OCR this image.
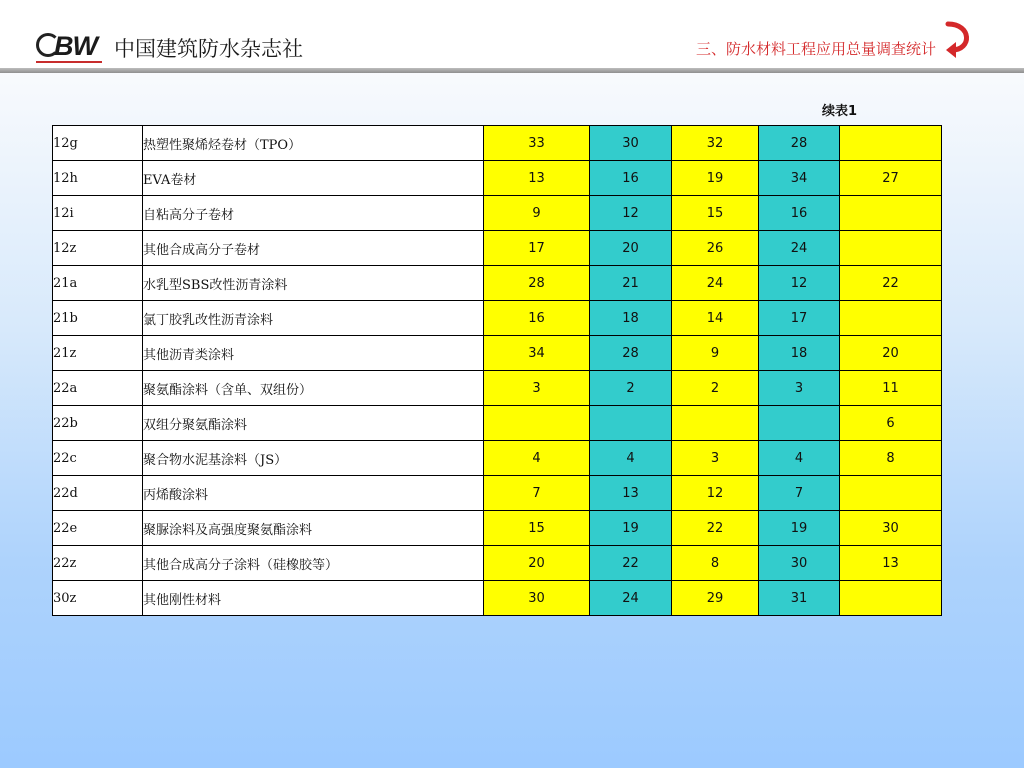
BW 中国建筑防水杂志社	三、防水材料工程应用总量调查统计
续表1
12g	热塑性聚烯烃卷材（TPO）	33	30	32	28	
12h	EVA卷材	13	16	19	34	27
12i	自粘高分子卷材	9	12	15	16	
12z	其他合成高分子卷材	17	20	26	24	
21a	水乳型SBS改性沥青涂料	28	21	24	12	22
21b	氯丁胶乳改性沥青涂料	16	18	14	17	
21z	其他沥青类涂料	34	28	9	18	20
22a	聚氨酯涂料（含单、双组份）	3	2	2	3	11
22b	双组分聚氨酯涂料					6
22c	聚合物水泥基涂料（JS）	4	4	3	4	8
22d	丙烯酸涂料	7	13	12	7	
22e	聚脲涂料及高强度聚氨酯涂料	15	19	22	19	30
22z	其他合成高分子涂料（硅橡胶等）	20	22	8	30	13
30z	其他刚性材料	30	24	29	31	
